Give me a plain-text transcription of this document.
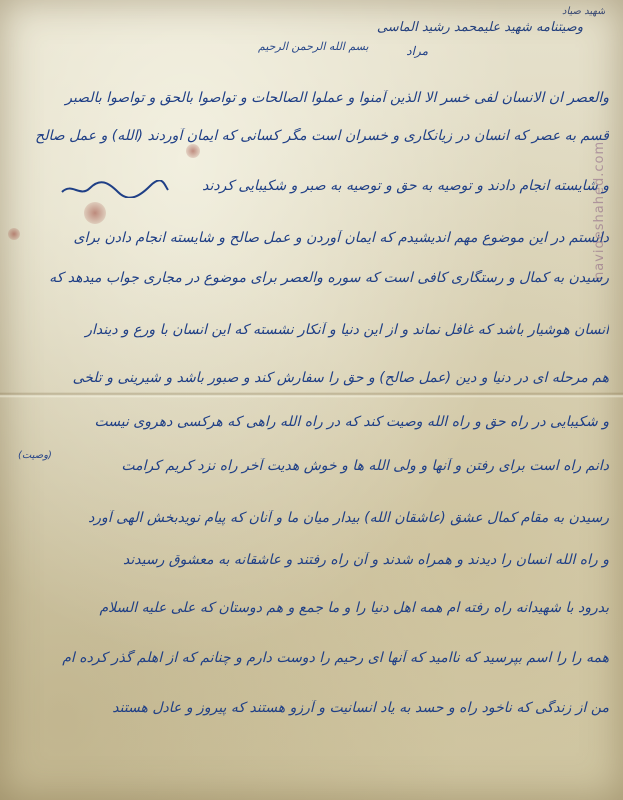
navideshahed.com
شهید صیاد
وصیتنامه شهید علیمحمد رشید الماسی
مراد
بسم الله الرحمن الرحیم
والعصر ان الانسان لفی خسر الا الذین آمنوا و عملوا الصالحات و تواصوا بالحق و تواصوا بالصبر
قسم به عصر که انسان در زیانکاری و خسران است مگر کسانی که ایمان آوردند (الله) و عمل صالح
و شایسته انجام دادند و توصیه به حق و توصیه به صبر و شکیبایی کردند
دانستم در این موضوع مهم اندیشیدم که ایمان آوردن و عمل صالح و شایسته انجام دادن برای
رسیدن به کمال و رستگاری کافی است که سوره والعصر برای موضوع در مجاری جواب میدهد که
انسان هوشیار باشد که غافل نماند و از این دنیا و آنکار نشسته که این انسان با ورع و دیندار
هم مرحله ای در دنیا و دین (عمل صالح) و حق را سفارش کند و صبور باشد و شیرینی و تلخی
و شکیبایی در راه حق و راه الله وصیت کند که در راه الله راهی که هرکسی دهروی نیست
دانم راه است برای رفتن و آنها و ولی الله ها و خوش هدیت آخر راه نزد کریم کرامت
رسیدن به مقام کمال عشق (عاشقان الله) بیدار میان ما و آنان که پیام نویدبخش الهی آورد
و راه الله انسان را دیدند و همراه شدند و آن راه رفتند و عاشقانه به معشوق رسیدند
بدرود با شهیدانه راه رفته ام همه اهل دنیا را و ما جمع و هم دوستان که علی علیه السلام
همه را را اسم بپرسید که ناامید که آنها ای رحیم را دوست دارم و چنانم که از اهلم گذر کرده ام
من از زندگی که ناخود راه و حسد به یاد انسانیت و آرزو هستند که پیروز و عادل هستند
(وصیت)
